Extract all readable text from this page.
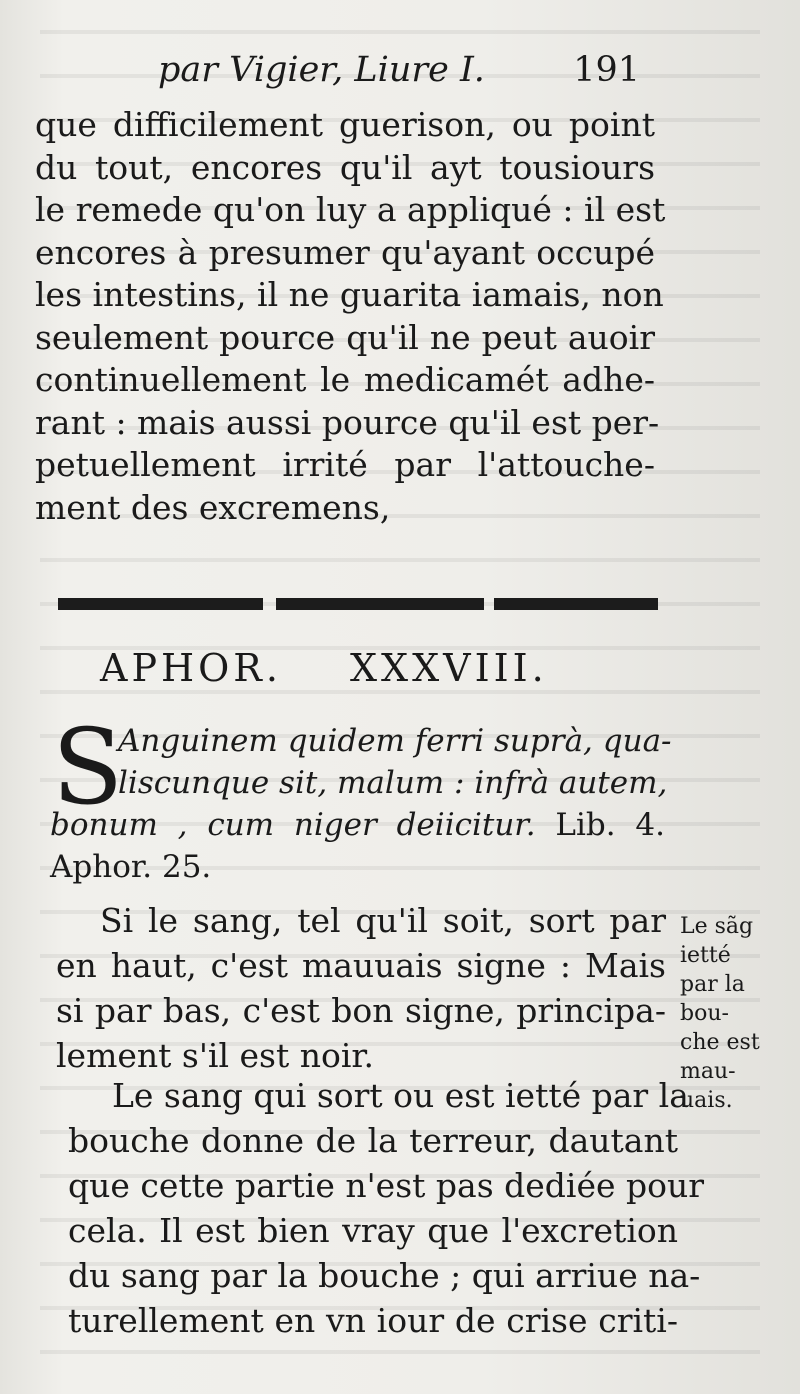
par Vigier, Liure I.	191
que difficilement guerison, ou point
du tout, encores qu'il ayt tousiours
le remede qu'on luy a appliqué : il est
encores à presumer qu'ayant occupé
les intestins, il ne guarita iamais, non
seulement pource qu'il ne peut auoir
continuellement le medicamét adhe-
rant : mais aussi pource qu'il est per-
petuellement irrité par l'attouche-
ment des excremens,
APHOR. XXXVIII.
S
Anguinem quidem ferri suprà, qua-
liscunque sit, malum : infrà autem,
bonum , cum niger deiicitur. Lib. 4.
Aphor. 25.
Si le sang, tel qu'il soit, sort par
en haut, c'est mauuais signe : Mais
si par bas, c'est bon signe, principa-
lement s'il est noir.
Le sãg
ietté
par la
bou-
che est
mau-
uais.
Le sang qui sort ou est ietté par la
bouche donne de la terreur, dautant
que cette partie n'est pas dediée pour
cela. Il est bien vray que l'excretion
du sang par la bouche ; qui arriue na-
turellement en vn iour de crise criti-
